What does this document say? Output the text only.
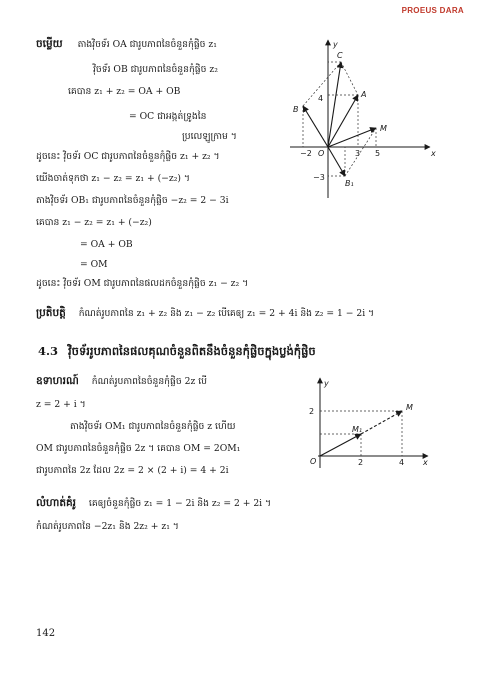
PROEUS DARA
ចម្លើយ តាងវ៉ិចទ័រ OA ជារូបភាពនៃចំនួនកុំផ្លិច z₁
វ៉ិចទ័រ OB ជារូបភាពនៃចំនួនកុំផ្លិច z₂
គេបាន z₁ + z₂ = OA + OB
= OC ជាអង្កត់ទ្រូងនៃ
ប្រលេឡូក្រាម ។
ដូចនេះ វ៉ិចទ័រ OC ជារូបភាពនៃចំនួនកុំផ្លិច z₁ + z₂ ។
យើងចាត់ទុកថា z₁ − z₂ = z₁ + (−z₂) ។
តាងវ៉ិចទ័រ OB₁ ជារូបភាពនៃចំនួនកុំផ្លិច −z₂ = 2 − 3i
គេបាន z₁ − z₂ = z₁ + (−z₂)
= OA + OB
= OM
ដូចនេះ វ៉ិចទ័រ OM ជារូបភាពនៃផលដកចំនួនកុំផ្លិច z₁ − z₂ ។
y
x
C
A
B
M
B₁
−2 O	3 5
4
−3
ប្រតិបត្តិ កំណត់រូបភាពនៃ z₁ + z₂ និង z₁ − z₂ បើគេឲ្យ z₁ = 2 + 4i និង z₂ = 1 − 2i ។
4.3 វ៉ិចទ័ររូបភាពនៃផលគុណចំនួនពិតនឹងចំនួនកុំផ្លិចក្នុងប្លង់កុំផ្លិច
ឧទាហរណ៍ កំណត់រូបភាពនៃចំនួនកុំផ្លិច 2z បើ
z = 2 + i ។
តាងវ៉ិចទ័រ OM₁ ជារូបភាពនៃចំនួនកុំផ្លិច z ហើយ
OM ជារូបភាពនៃចំនួនកុំផ្លិច 2z ។ គេបាន OM = 2OM₁
ជារូបភាពនៃ 2z ដែល 2z = 2 × (2 + i) = 4 + 2i
y
x
M
M₁
O	2	4
2
លំហាត់គំរូ គេឲ្យចំនួនកុំផ្លិច z₁ = 1 − 2i និង z₂ = 2 + 2i ។
កំណត់រូបភាពនៃ −2z₁ និង 2z₂ + z₁ ។
142
